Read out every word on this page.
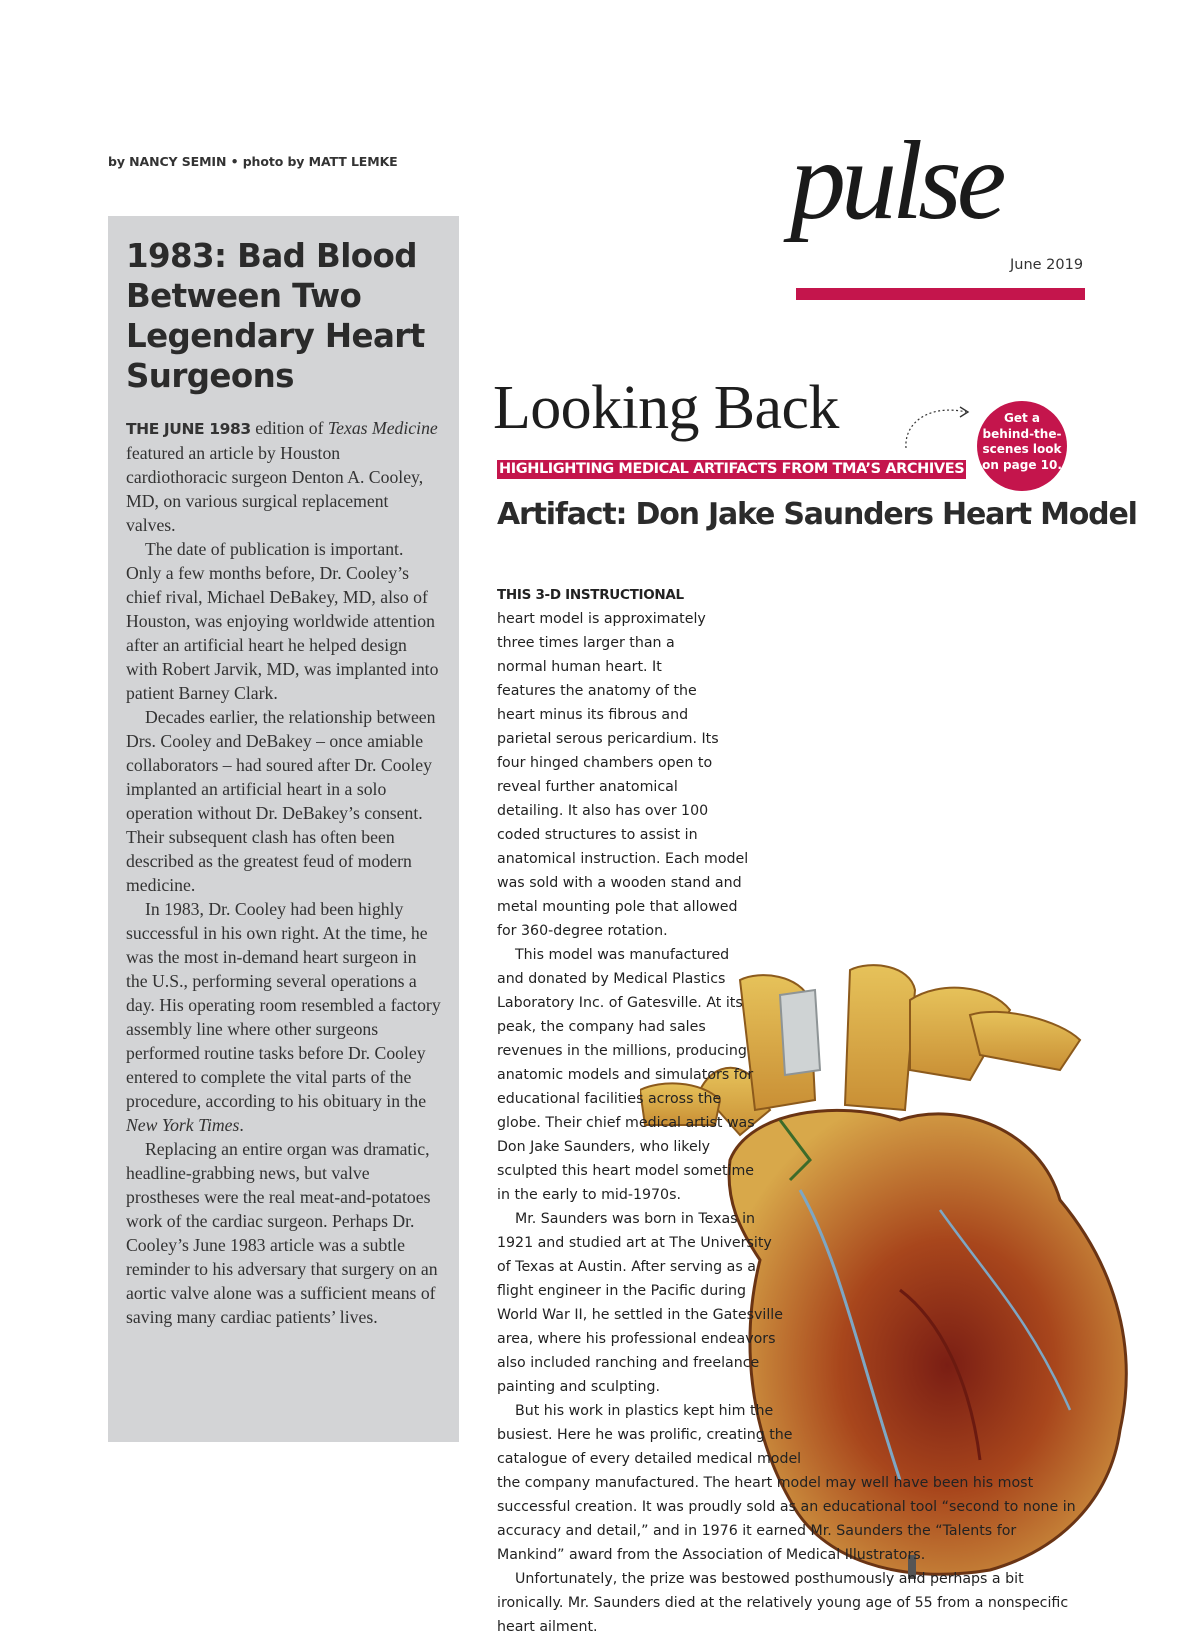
by NANCY SEMIN • photo by MATT LEMKE	pulse
June 2019
1983: Bad Blood Between Two Legendary Heart Surgeons

THE JUNE 1983 edition of Texas Medicine featured an article by Houston cardiothoracic surgeon Denton A. Cooley, MD, on various surgical replacement valves.

The date of publication is important. Only a few months before, Dr. Cooley’s chief rival, Michael DeBakey, MD, also of Houston, was enjoying worldwide attention after an artificial heart he helped design with Robert Jarvik, MD, was implanted into patient Barney Clark.

Decades earlier, the relationship between Drs. Cooley and DeBakey – once amiable collaborators – had soured after Dr. Cooley implanted an artificial heart in a solo operation without Dr. DeBakey’s consent. Their subsequent clash has often been described as the greatest feud of modern medicine.

In 1983, Dr. Cooley had been highly successful in his own right. At the time, he was the most in-demand heart surgeon in the U.S., performing several operations a day. His operating room resembled a factory assembly line where other surgeons performed routine tasks before Dr. Cooley entered to complete the vital parts of the procedure, according to his obituary in the New York Times.

Replacing an entire organ was dramatic, headline-grabbing news, but valve prostheses were the real meat-and-potatoes work of the cardiac surgeon. Perhaps Dr. Cooley’s June 1983 article was a subtle reminder to his adversary that surgery on an aortic valve alone was a sufficient means of saving many cardiac patients’ lives.

Looking Back
HIGHLIGHTING MEDICAL ARTIFACTS FROM TMA’S ARCHIVES
Get a
behind-the-
scenes look
on page 10.
Artifact: Don Jake Saunders Heart Model

THIS 3-D INSTRUCTIONAL heart model is approximately three times larger than a normal human heart. It features the anatomy of the heart minus its fibrous and parietal serous pericardium. Its four hinged chambers open to reveal further anatomical detailing. It also has over 100 coded structures to assist in anatomical instruction. Each model was sold with a wooden stand and metal mounting pole that allowed for 360-degree rotation.

This model was manufactured and donated by Medical Plastics Laboratory Inc. of Gatesville. At its peak, the company had sales revenues in the millions, producing anatomic models and simulators for educational facilities across the globe. Their chief medical artist was Don Jake Saunders, who likely sculpted this heart model sometime in the early to mid-1970s.

Mr. Saunders was born in Texas in 1921 and studied art at The University of Texas at Austin. After serving as a flight engineer in the Pacific during World War II, he settled in the Gatesville area, where his professional endeavors also included ranching and freelance painting and sculpting.

But his work in plastics kept him the busiest. Here he was prolific, creating the catalogue of every detailed medical model the company manufactured. The heart model may well have been his most successful creation. It was proudly sold as an educational tool “second to none in accuracy and detail,” and in 1976 it earned Mr. Saunders the “Talents for Mankind” award from the Association of Medical Illustrators.

Unfortunately, the prize was bestowed posthumously and perhaps a bit ironically. Mr. Saunders died at the relatively young age of 55 from a nonspecific heart ailment.
